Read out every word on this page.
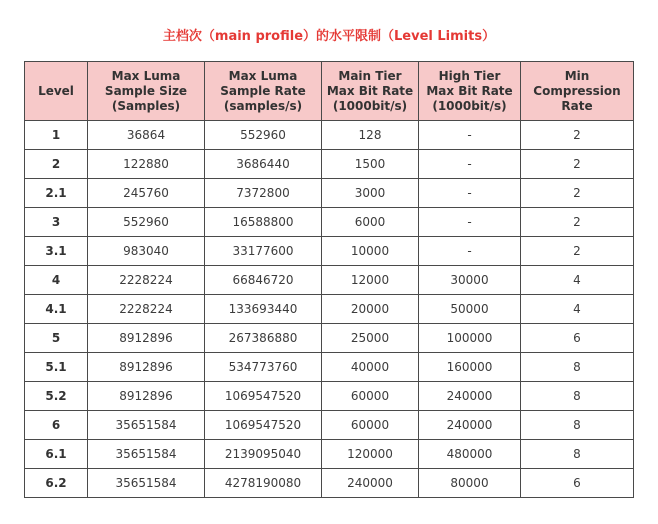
主档次（main profile）的水平限制（Level Limits）
Level	Max Luma
Sample Size
(Samples)	Max Luma
Sample Rate
(samples/s)	Main Tier
Max Bit Rate
(1000bit/s)	High Tier
Max Bit Rate
(1000bit/s)	Min
Compression
Rate

1	36864	552960	128	-	2
2	122880	3686440	1500	-	2
2.1	245760	7372800	3000	-	2
3	552960	16588800	6000	-	2
3.1	983040	33177600	10000	-	2
4	2228224	66846720	12000	30000	4
4.1	2228224	133693440	20000	50000	4
5	8912896	267386880	25000	100000	6
5.1	8912896	534773760	40000	160000	8
5.2	8912896	1069547520	60000	240000	8
6	35651584	1069547520	60000	240000	8
6.1	35651584	2139095040	120000	480000	8
6.2	35651584	4278190080	240000	80000	6
